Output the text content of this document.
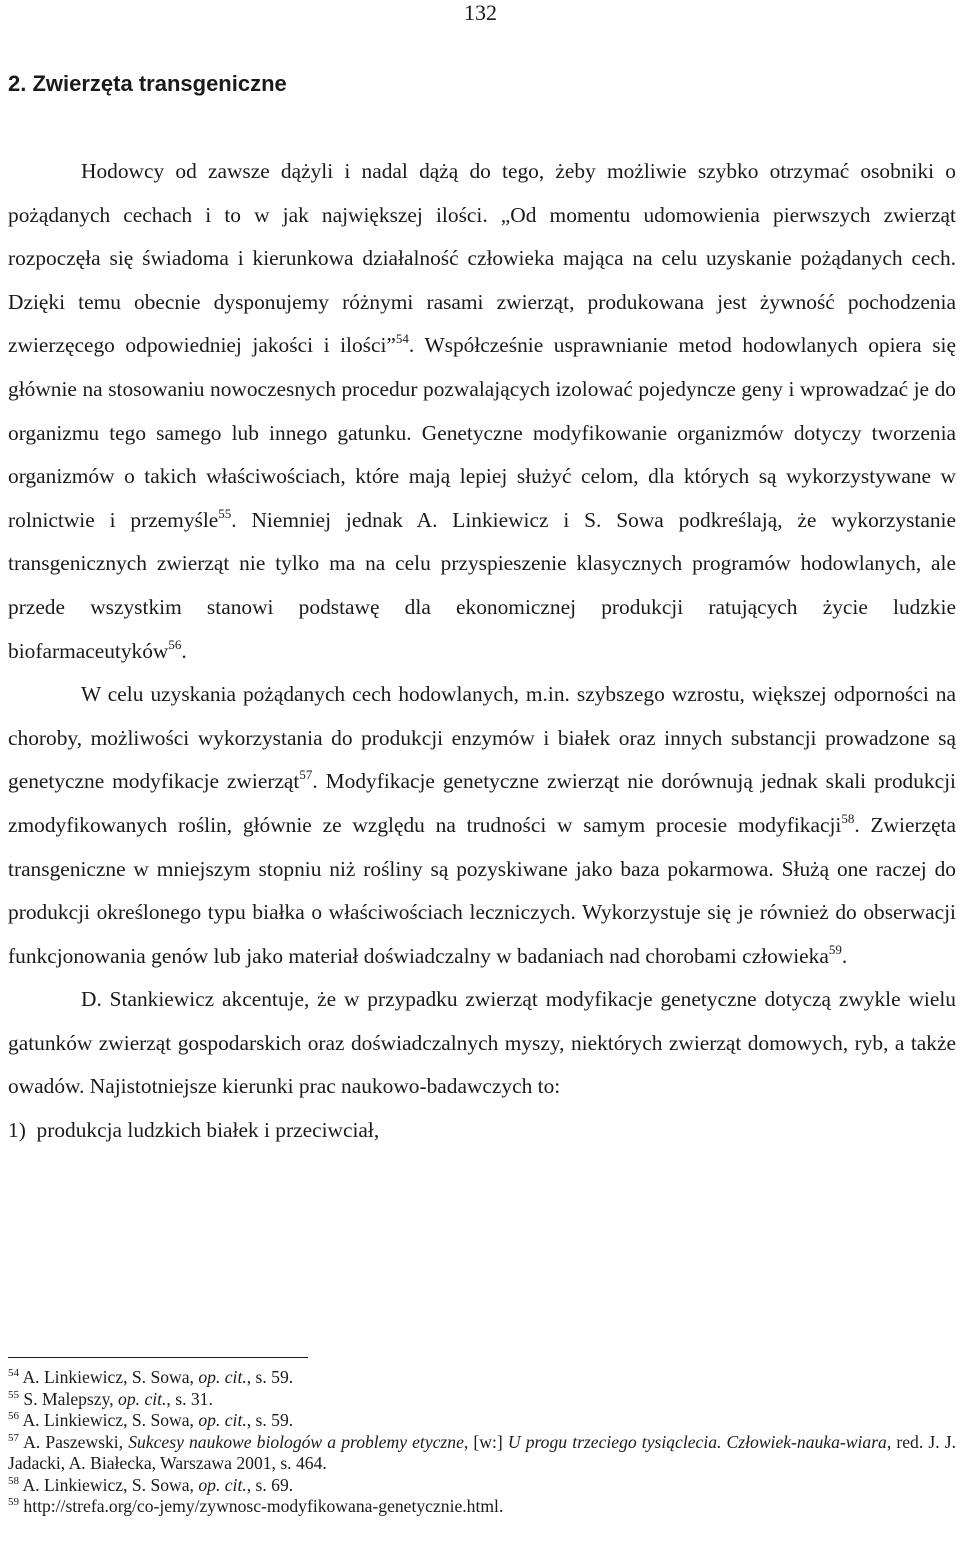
132
2. Zwierzęta transgeniczne

Hodowcy od zawsze dążyli i nadal dążą do tego, żeby możliwie szybko otrzymać osobniki o pożądanych cechach i to w jak największej ilości. „Od momentu udomowienia pierwszych zwierząt rozpoczęła się świadoma i kierunkowa działalność człowieka mająca na celu uzyskanie pożądanych cech. Dzięki temu obecnie dysponujemy różnymi rasami zwierząt, produkowana jest żywność pochodzenia zwierzęcego odpowiedniej jakości i ilości”$^{54}$. Współcześnie usprawnianie metod hodowlanych opiera się głównie na stosowaniu nowoczesnych procedur pozwalających izolować pojedyncze geny i wprowadzać je do organizmu tego samego lub innego gatunku. Genetyczne modyfikowanie organizmów dotyczy tworzenia organizmów o takich właściwościach, które mają lepiej służyć celom, dla których są wykorzystywane w rolnictwie i przemyśle$^{55}$. Niemniej jednak A. Linkiewicz i S. Sowa podkreślają, że wykorzystanie transgenicznych zwierząt nie tylko ma na celu przyspieszenie klasycznych programów hodowlanych, ale przede wszystkim stanowi podstawę dla ekonomicznej produkcji ratujących życie ludzkie biofarmaceutyków$^{56}$.

W celu uzyskania pożądanych cech hodowlanych, m.in. szybszego wzrostu, większej odporności na choroby, możliwości wykorzystania do produkcji enzymów i białek oraz innych substancji prowadzone są genetyczne modyfikacje zwierząt$^{57}$. Modyfikacje genetyczne zwierząt nie dorównują jednak skali produkcji zmodyfikowanych roślin, głównie ze względu na trudności w samym procesie modyfikacji$^{58}$. Zwierzęta transgeniczne w mniejszym stopniu niż rośliny są pozyskiwane jako baza pokarmowa. Służą one raczej do produkcji określonego typu białka o właściwościach leczniczych. Wykorzystuje się je również do obserwacji funkcjonowania genów lub jako materiał doświadczalny w badaniach nad chorobami człowieka$^{59}$.

D. Stankiewicz akcentuje, że w przypadku zwierząt modyfikacje genetyczne dotyczą zwykle wielu gatunków zwierząt gospodarskich oraz doświadczalnych myszy, niektórych zwierząt domowych, ryb, a także owadów. Najistotniejsze kierunki prac naukowo-badawczych to:

1)  produkcja ludzkich białek i przeciwciał,

$^{54}$ A. Linkiewicz, S. Sowa, op. cit., s. 59.

$^{55}$ S. Malepszy, op. cit., s. 31.

$^{56}$ A. Linkiewicz, S. Sowa, op. cit., s. 59.

$^{57}$ A. Paszewski, Sukcesy naukowe biologów a problemy etyczne, [w:] U progu trzeciego tysiąclecia. Człowiek-nauka-wiara, red. J. J. Jadacki, A. Białecka, Warszawa 2001, s. 464.

$^{58}$ A. Linkiewicz, S. Sowa, op. cit., s. 69.

$^{59}$ http://strefa.org/co-jemy/zywnosc-modyfikowana-genetycznie.html.
